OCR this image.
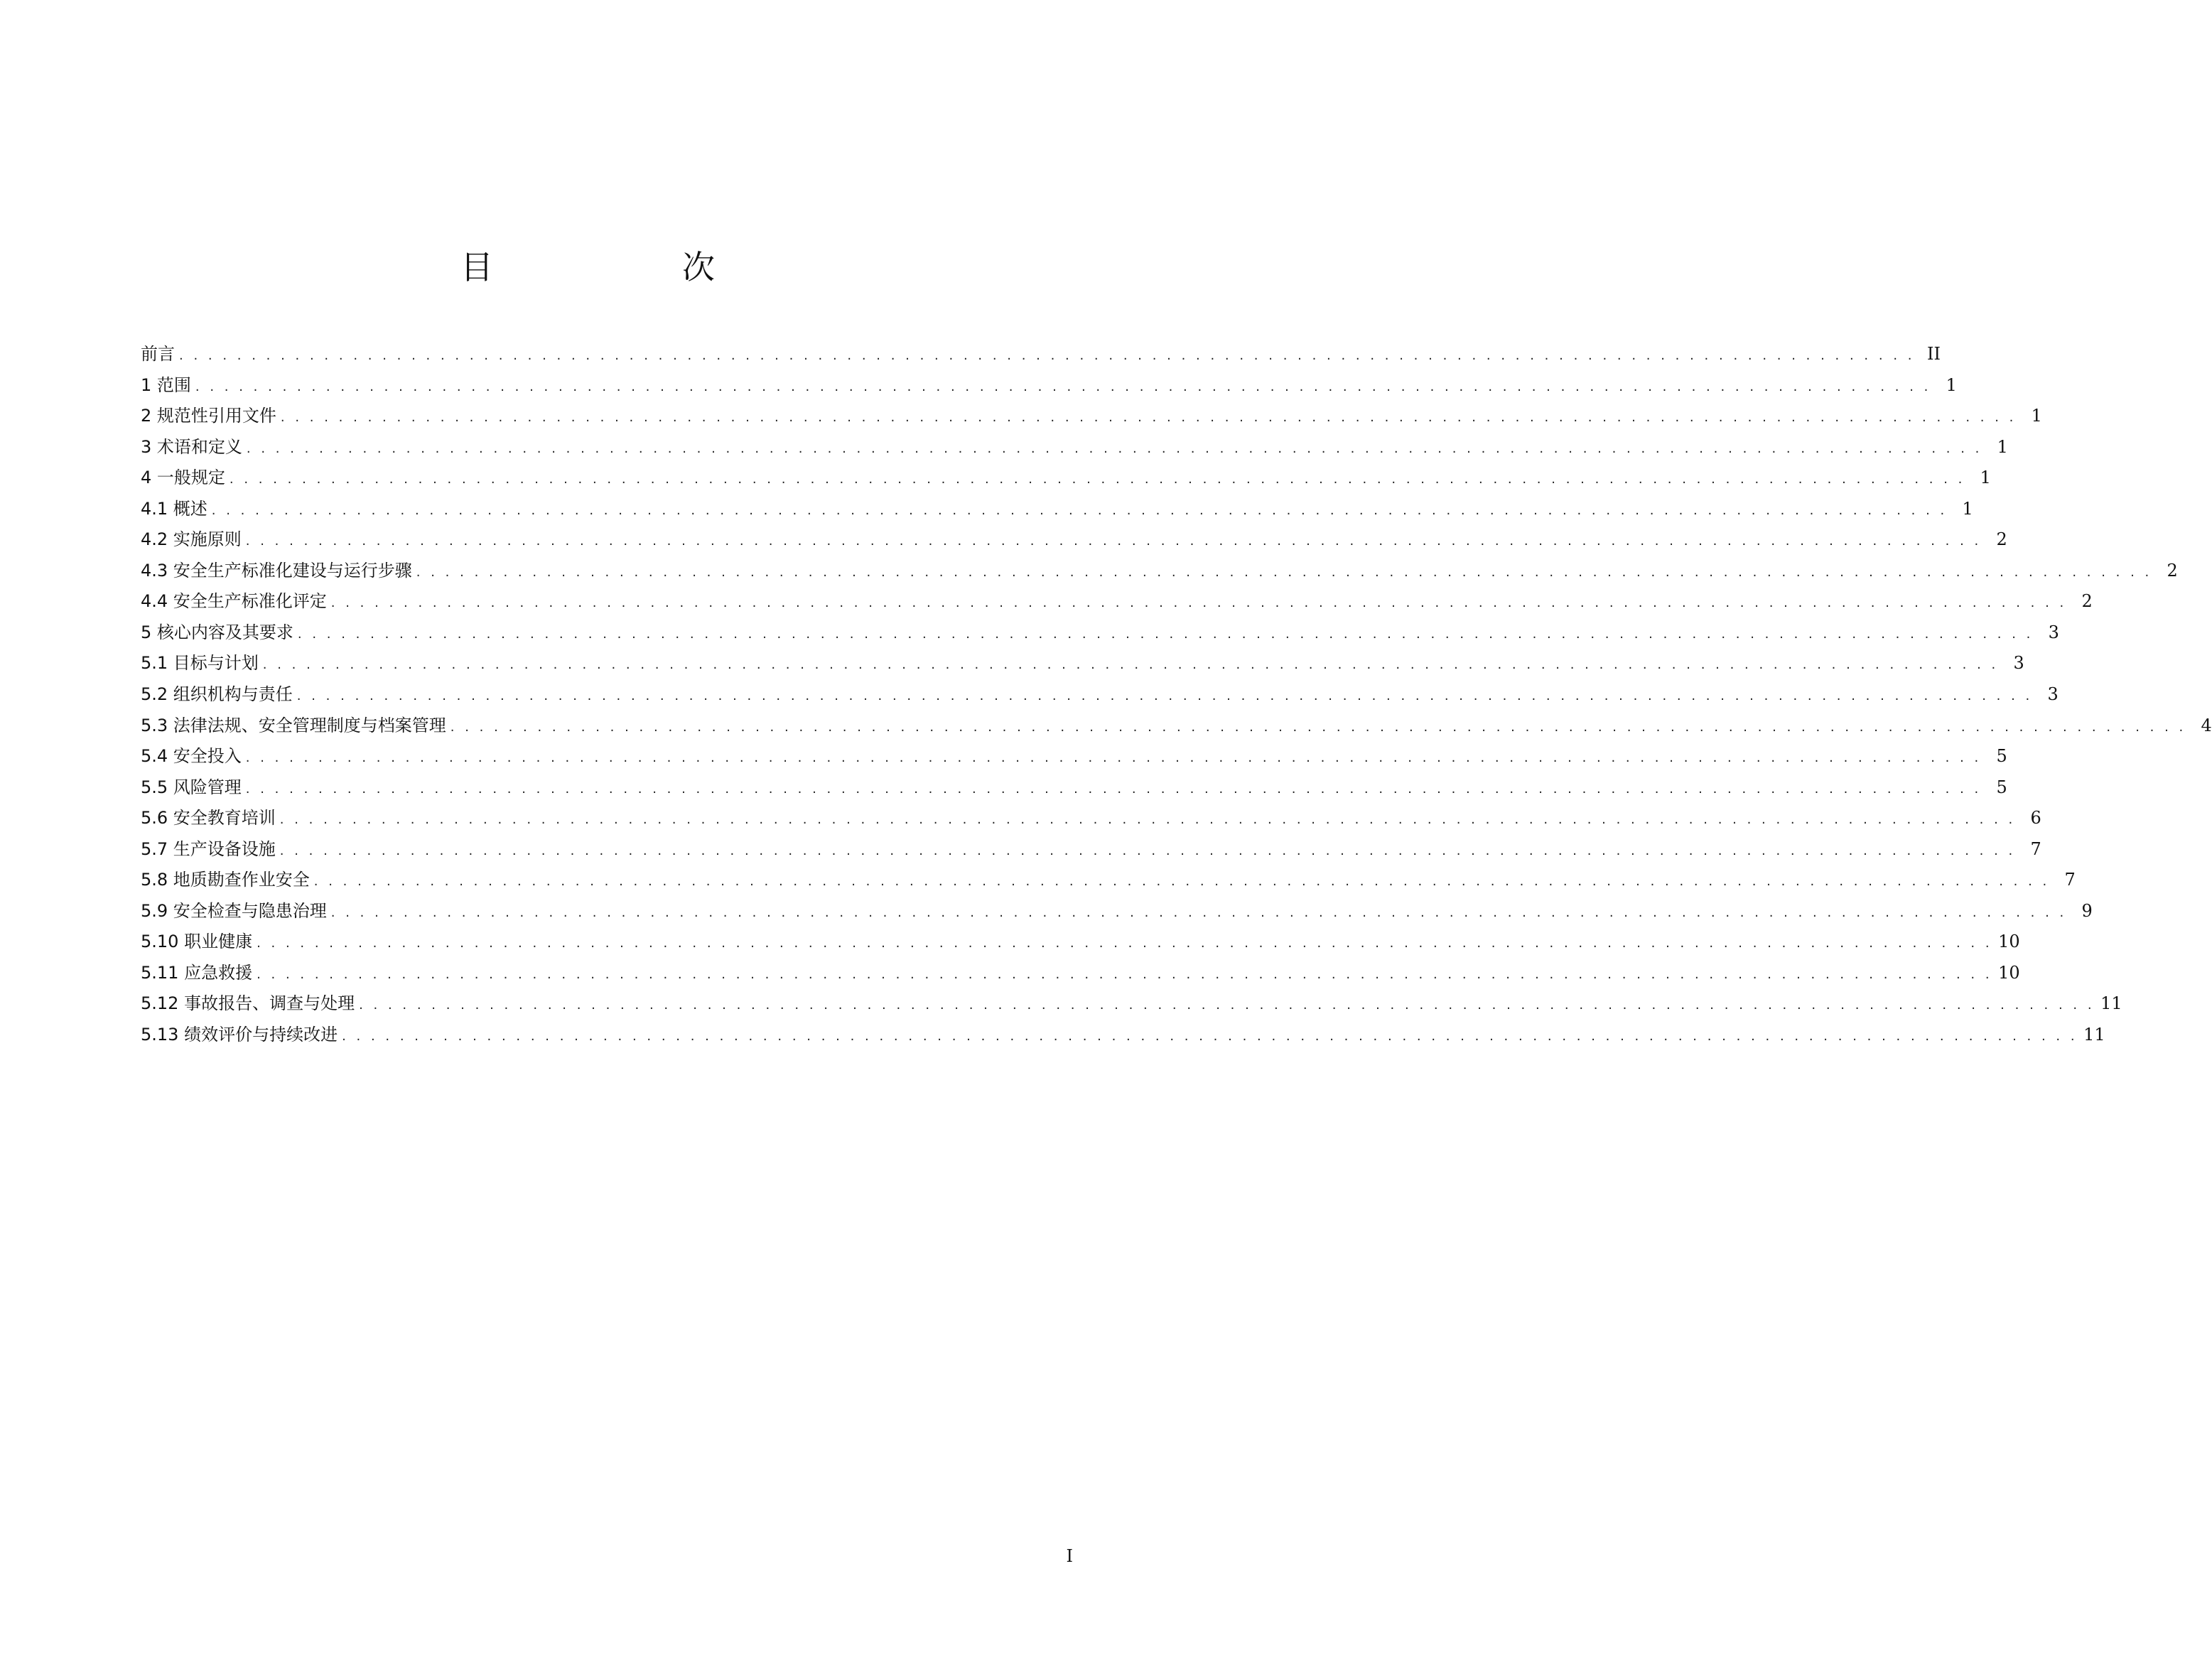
目　次
前言 . . . . . . . . . . . . . . . . . . . . . . . . . . . . . . . . . . . . . . . . . . . . . . . . . . . . . . . . . . . . . . . . . . . . . . . . . . . . . . . . . . . . . . . . . . . . . . . . . . . . . . . . . . . . . . . . . . . . . . . . II
1 范围 . . . . . . . . . . . . . . . . . . . . . . . . . . . . . . . . . . . . . . . . . . . . . . . . . . . . . . . . . . . . . . . . . . . . . . . . . . . . . . . . . . . . . . . . . . . . . . . . . . . . . . . . . . . . . . . . . . . . . . . . 1
2 规范性引用文件 . . . . . . . . . . . . . . . . . . . . . . . . . . . . . . . . . . . . . . . . . . . . . . . . . . . . . . . . . . . . . . . . . . . . . . . . . . . . . . . . . . . . . . . . . . . . . . . . . . . . . . . . . . . . . . . . . . . . . . . . 1
3 术语和定义 . . . . . . . . . . . . . . . . . . . . . . . . . . . . . . . . . . . . . . . . . . . . . . . . . . . . . . . . . . . . . . . . . . . . . . . . . . . . . . . . . . . . . . . . . . . . . . . . . . . . . . . . . . . . . . . . . . . . . . . . 1
4 一般规定 . . . . . . . . . . . . . . . . . . . . . . . . . . . . . . . . . . . . . . . . . . . . . . . . . . . . . . . . . . . . . . . . . . . . . . . . . . . . . . . . . . . . . . . . . . . . . . . . . . . . . . . . . . . . . . . . . . . . . . . . 1
4.1 概述 . . . . . . . . . . . . . . . . . . . . . . . . . . . . . . . . . . . . . . . . . . . . . . . . . . . . . . . . . . . . . . . . . . . . . . . . . . . . . . . . . . . . . . . . . . . . . . . . . . . . . . . . . . . . . . . . . . . . . . . . 1
4.2 实施原则 . . . . . . . . . . . . . . . . . . . . . . . . . . . . . . . . . . . . . . . . . . . . . . . . . . . . . . . . . . . . . . . . . . . . . . . . . . . . . . . . . . . . . . . . . . . . . . . . . . . . . . . . . . . . . . . . . . . . . . . . 2
4.3 安全生产标准化建设与运行步骤 . . . . . . . . . . . . . . . . . . . . . . . . . . . . . . . . . . . . . . . . . . . . . . . . . . . . . . . . . . . . . . . . . . . . . . . . . . . . . . . . . . . . . . . . . . . . . . . . . . . . . . . . . . . . . . . . . . . . . . . . 2
4.4 安全生产标准化评定 . . . . . . . . . . . . . . . . . . . . . . . . . . . . . . . . . . . . . . . . . . . . . . . . . . . . . . . . . . . . . . . . . . . . . . . . . . . . . . . . . . . . . . . . . . . . . . . . . . . . . . . . . . . . . . . . . . . . . . . . 2
5 核心内容及其要求 . . . . . . . . . . . . . . . . . . . . . . . . . . . . . . . . . . . . . . . . . . . . . . . . . . . . . . . . . . . . . . . . . . . . . . . . . . . . . . . . . . . . . . . . . . . . . . . . . . . . . . . . . . . . . . . . . . . . . . . . 3
5.1 目标与计划 . . . . . . . . . . . . . . . . . . . . . . . . . . . . . . . . . . . . . . . . . . . . . . . . . . . . . . . . . . . . . . . . . . . . . . . . . . . . . . . . . . . . . . . . . . . . . . . . . . . . . . . . . . . . . . . . . . . . . . . . 3
5.2 组织机构与责任 . . . . . . . . . . . . . . . . . . . . . . . . . . . . . . . . . . . . . . . . . . . . . . . . . . . . . . . . . . . . . . . . . . . . . . . . . . . . . . . . . . . . . . . . . . . . . . . . . . . . . . . . . . . . . . . . . . . . . . . . 3
5.3 法律法规、安全管理制度与档案管理 . . . . . . . . . . . . . . . . . . . . . . . . . . . . . . . . . . . . . . . . . . . . . . . . . . . . . . . . . . . . . . . . . . . . . . . . . . . . . . . . . . . . . . . . . . . . . . . . . . . . . . . . . . . . . . . . . . . . . . . . 4
5.4 安全投入 . . . . . . . . . . . . . . . . . . . . . . . . . . . . . . . . . . . . . . . . . . . . . . . . . . . . . . . . . . . . . . . . . . . . . . . . . . . . . . . . . . . . . . . . . . . . . . . . . . . . . . . . . . . . . . . . . . . . . . . . 5
5.5 风险管理 . . . . . . . . . . . . . . . . . . . . . . . . . . . . . . . . . . . . . . . . . . . . . . . . . . . . . . . . . . . . . . . . . . . . . . . . . . . . . . . . . . . . . . . . . . . . . . . . . . . . . . . . . . . . . . . . . . . . . . . . 5
5.6 安全教育培训 . . . . . . . . . . . . . . . . . . . . . . . . . . . . . . . . . . . . . . . . . . . . . . . . . . . . . . . . . . . . . . . . . . . . . . . . . . . . . . . . . . . . . . . . . . . . . . . . . . . . . . . . . . . . . . . . . . . . . . . . 6
5.7 生产设备设施 . . . . . . . . . . . . . . . . . . . . . . . . . . . . . . . . . . . . . . . . . . . . . . . . . . . . . . . . . . . . . . . . . . . . . . . . . . . . . . . . . . . . . . . . . . . . . . . . . . . . . . . . . . . . . . . . . . . . . . . . 7
5.8 地质勘查作业安全 . . . . . . . . . . . . . . . . . . . . . . . . . . . . . . . . . . . . . . . . . . . . . . . . . . . . . . . . . . . . . . . . . . . . . . . . . . . . . . . . . . . . . . . . . . . . . . . . . . . . . . . . . . . . . . . . . . . . . . . . 7
5.9 安全检查与隐患治理 . . . . . . . . . . . . . . . . . . . . . . . . . . . . . . . . . . . . . . . . . . . . . . . . . . . . . . . . . . . . . . . . . . . . . . . . . . . . . . . . . . . . . . . . . . . . . . . . . . . . . . . . . . . . . . . . . . . . . . . . 9
5.10 职业健康 . . . . . . . . . . . . . . . . . . . . . . . . . . . . . . . . . . . . . . . . . . . . . . . . . . . . . . . . . . . . . . . . . . . . . . . . . . . . . . . . . . . . . . . . . . . . . . . . . . . . . . . . . . . . . . . . . . . . . . . . 10
5.11 应急救援 . . . . . . . . . . . . . . . . . . . . . . . . . . . . . . . . . . . . . . . . . . . . . . . . . . . . . . . . . . . . . . . . . . . . . . . . . . . . . . . . . . . . . . . . . . . . . . . . . . . . . . . . . . . . . . . . . . . . . . . . 10
5.12 事故报告、调查与处理 . . . . . . . . . . . . . . . . . . . . . . . . . . . . . . . . . . . . . . . . . . . . . . . . . . . . . . . . . . . . . . . . . . . . . . . . . . . . . . . . . . . . . . . . . . . . . . . . . . . . . . . . . . . . . . . . . . . . . . . . 11
5.13 绩效评价与持续改进 . . . . . . . . . . . . . . . . . . . . . . . . . . . . . . . . . . . . . . . . . . . . . . . . . . . . . . . . . . . . . . . . . . . . . . . . . . . . . . . . . . . . . . . . . . . . . . . . . . . . . . . . . . . . . . . . . . . . . . . . 11
I
